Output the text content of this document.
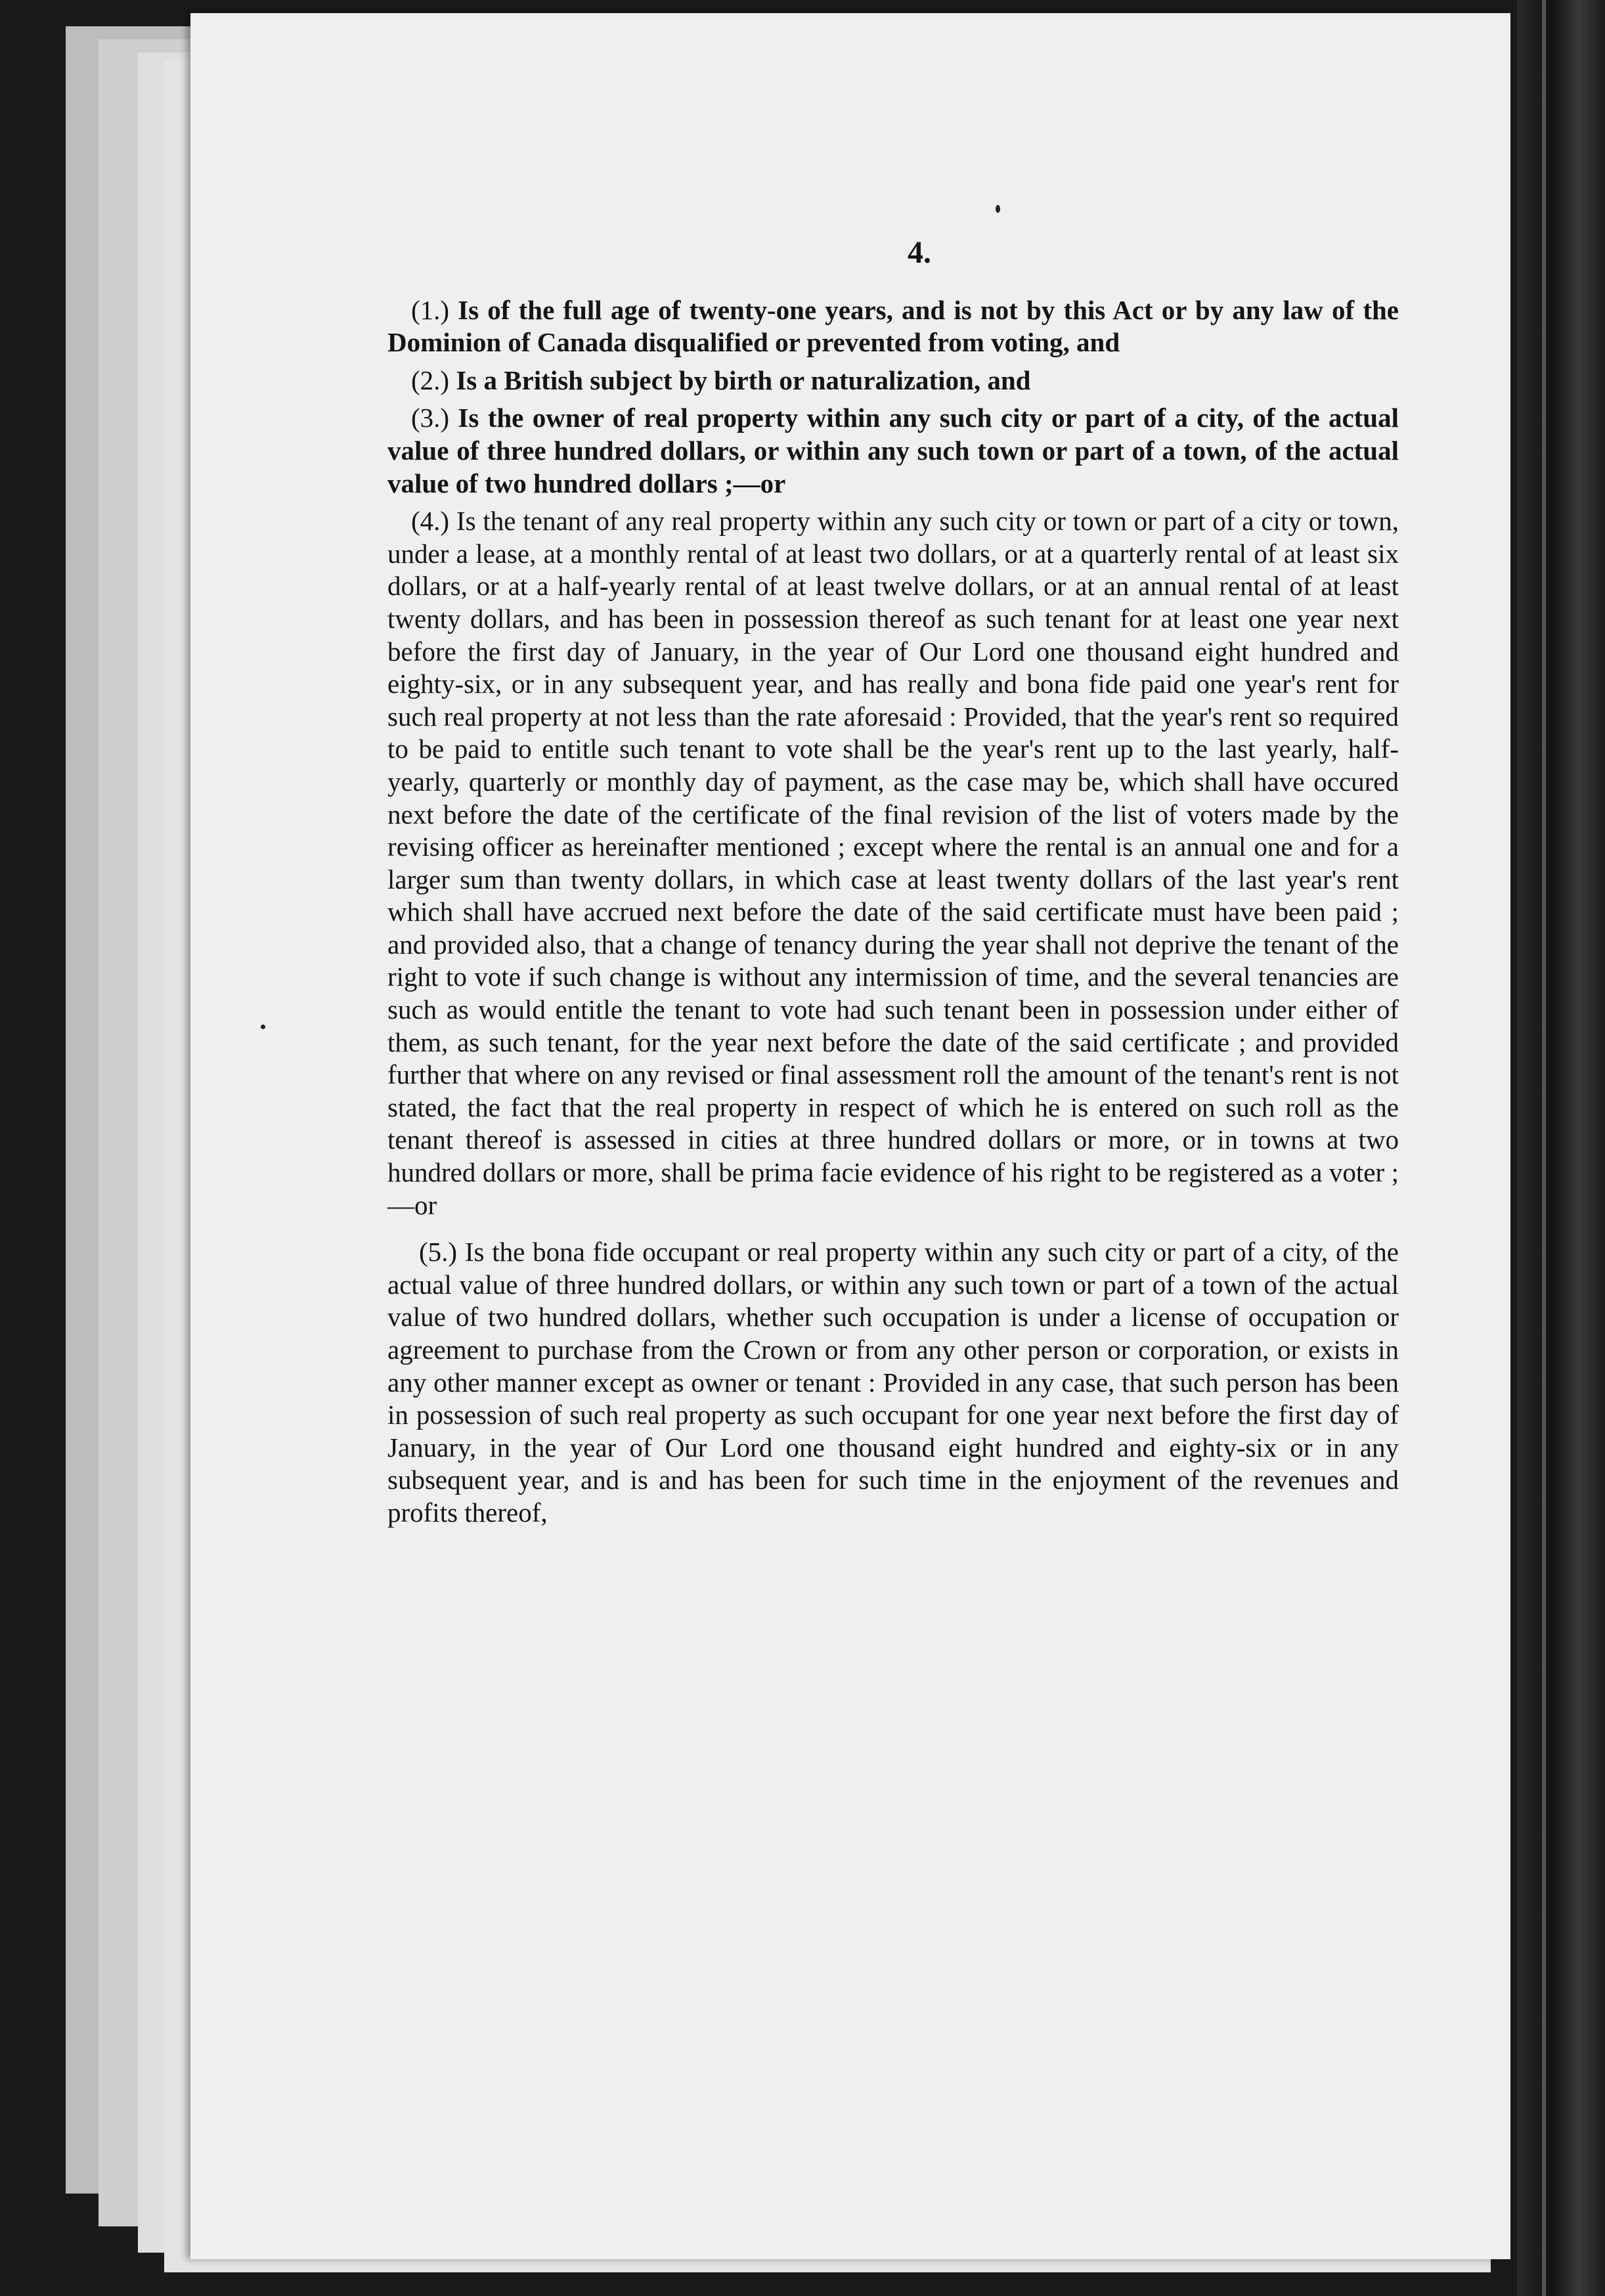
4.

(1.) Is of the full age of twenty-one years, and is not by this Act or by any law of the Dominion of Canada disqualified or prevented from voting, and

(2.) Is a British subject by birth or naturalization, and

(3.) Is the owner of real property within any such city or part of a city, of the actual value of three hundred dollars, or within any such town or part of a town, of the actual value of two hundred dollars ;—or

(4.) Is the tenant of any real property within any such city or town or part of a city or town, under a lease, at a monthly rental of at least two dollars, or at a quarterly rental of at least six dollars, or at a half-yearly rental of at least twelve dollars, or at an annual rental of at least twenty dollars, and has been in possession thereof as such tenant for at least one year next before the first day of January, in the year of Our Lord one thousand eight hundred and eighty-six, or in any subsequent year, and has really and bona fide paid one year's rent for such real property at not less than the rate aforesaid : Provided, that the year's rent so required to be paid to entitle such tenant to vote shall be the year's rent up to the last yearly, half-yearly, quarterly or monthly day of payment, as the case may be, which shall have occured next before the date of the certificate of the final revision of the list of voters made by the revising officer as hereinafter mentioned ; except where the rental is an annual one and for a larger sum than twenty dollars, in which case at least twenty dollars of the last year's rent which shall have accrued next before the date of the said certificate must have been paid ; and provided also, that a change of tenancy during the year shall not deprive the tenant of the right to vote if such change is without any intermission of time, and the several tenancies are such as would entitle the tenant to vote had such tenant been in possession under either of them, as such tenant, for the year next before the date of the said certificate ; and provided further that where on any revised or final assessment roll the amount of the tenant's rent is not stated, the fact that the real property in respect of which he is entered on such roll as the tenant thereof is assessed in cities at three hundred dollars or more, or in towns at two hundred dollars or more, shall be prima facie evidence of his right to be registered as a voter ;—or

(5.) Is the bona fide occupant or real property within any such city or part of a city, of the actual value of three hundred dollars, or within any such town or part of a town of the actual value of two hundred dollars, whether such occupation is under a license of occupation or agreement to purchase from the Crown or from any other person or corporation, or exists in any other manner except as owner or tenant : Provided in any case, that such person has been in possession of such real property as such occupant for one year next before the first day of January, in the year of Our Lord one thousand eight hundred and eighty-six or in any subsequent year, and is and has been for such time in the enjoyment of the revenues and profits thereof,
